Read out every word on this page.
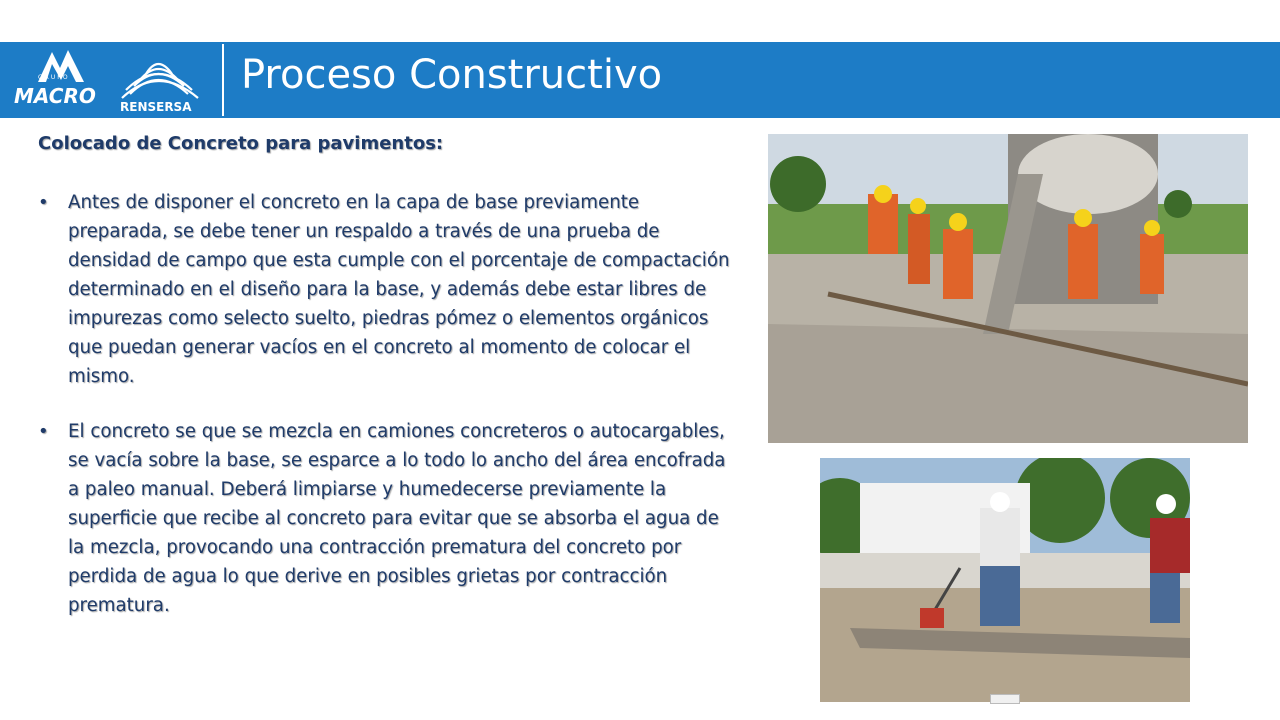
GRUPO
MACRO RENSERSA
Proceso Constructivo
Colocado de Concreto para pavimentos:
• Antes de disponer el concreto en la capa de base previamente preparada, se debe tener un respaldo a través de una prueba de densidad de campo que esta cumple con el porcentaje de compactación determinado en el diseño para la base, y además debe estar libres de impurezas como selecto suelto, piedras pómez o elementos orgánicos que puedan generar vacíos en el concreto al momento de colocar el mismo.
• El concreto se que se mezcla en camiones concreteros o autocargables, se vacía sobre la base, se esparce a lo todo lo ancho del área encofrada a paleo manual. Deberá limpiarse y humedecerse previamente la superficie que recibe al concreto para evitar que se absorba el agua de la mezcla, provocando una contracción prematura del concreto por perdida de agua lo que derive en posibles grietas por contracción prematura.
